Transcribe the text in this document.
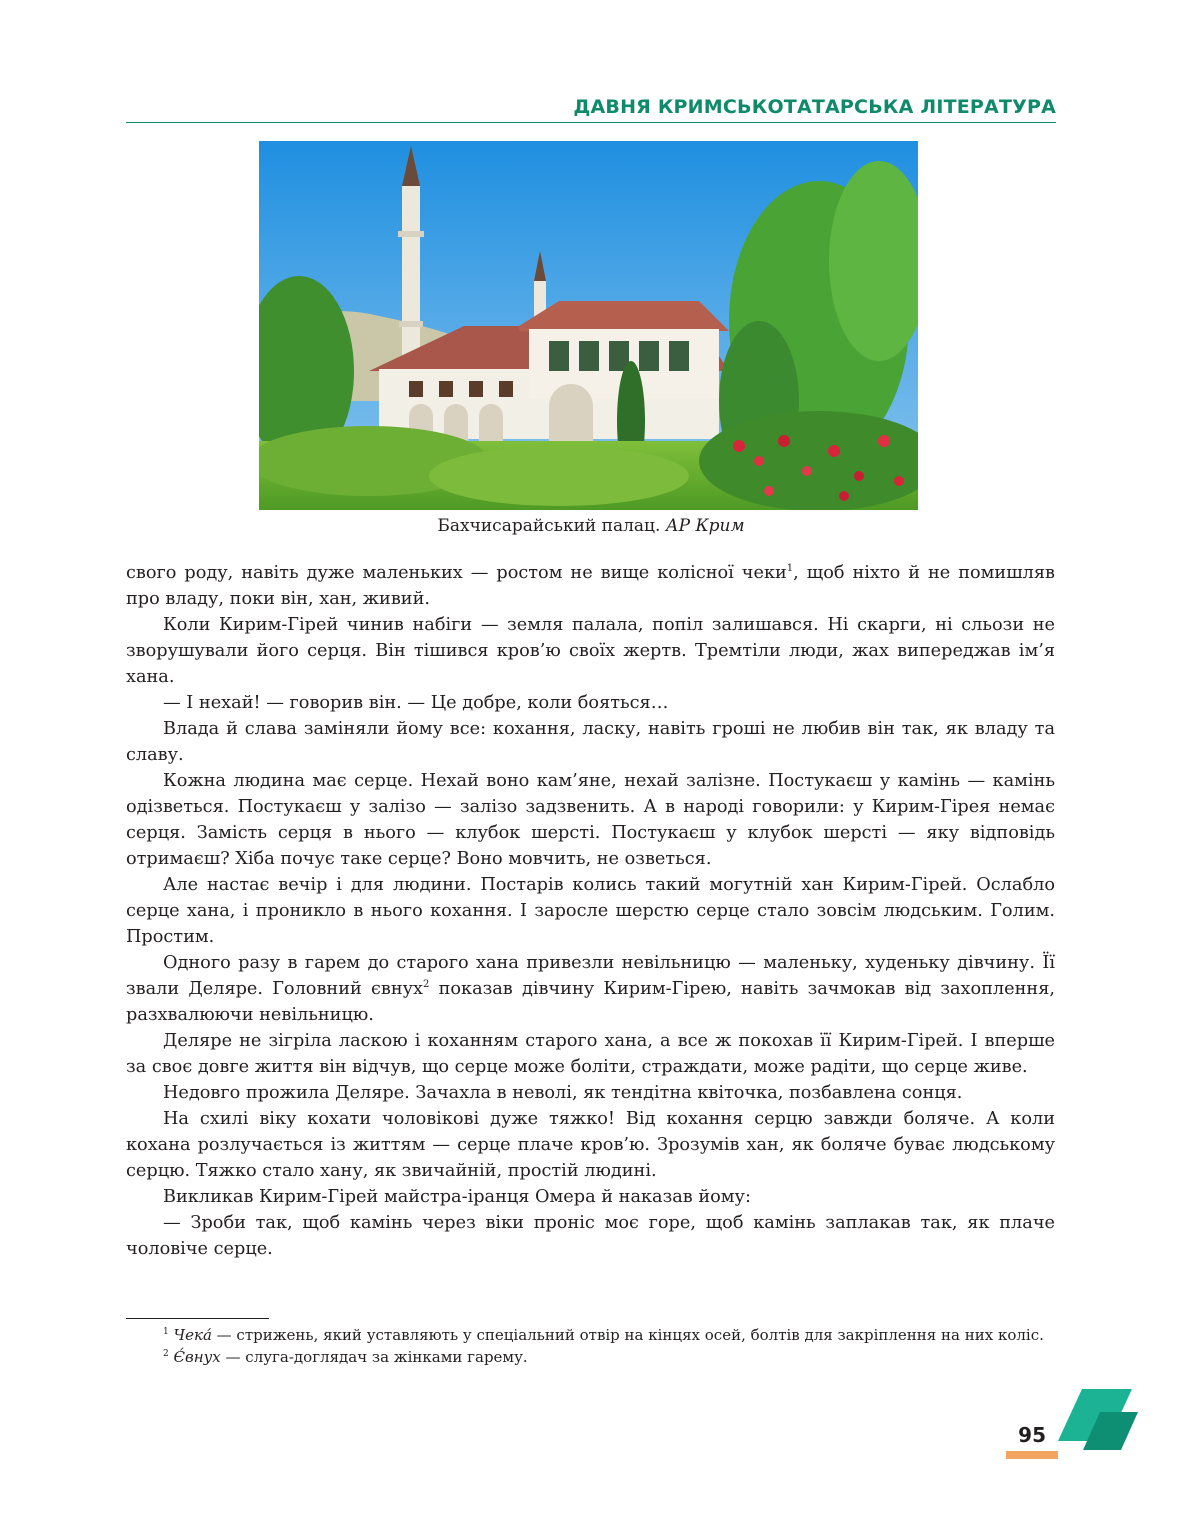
ДАВНЯ КРИМСЬКОТАТАРСЬКА ЛІТЕРАТУРА
Бахчисарайський палац. АР Крим

свого роду, навіть дуже маленьких — ростом не вище колісної чеки$^1$, щоб ніхто й не помишляв про владу, поки він, хан, живий.

Коли Кирим-Гірей чинив набіги — земля палала, попіл залишався. Ні скарги, ні сльози не зворушували його серця. Він тішився кров’ю своїх жертв. Тремтіли люди, жах випереджав ім’я хана.

— І нехай! — говорив він. — Це добре, коли бояться…

Влада й слава заміняли йому все: кохання, ласку, навіть гроші не любив він так, як владу та славу.

Кожна людина має серце. Нехай воно кам’яне, нехай залізне. Постукаєш у камінь — камінь одізветься. Постукаєш у залізо — залізо задзвенить. А в народі говорили: у Кирим-Гірея немає серця. Замість серця в нього — клубок шерсті. Постукаєш у клубок шерсті — яку відповідь отримаєш? Хіба почує таке серце? Воно мовчить, не озветься.

Але настає вечір і для людини. Постарів колись такий могутній хан Кирим-Гірей. Ослабло серце хана, і проникло в нього кохання. І заросле шерстю серце стало зовсім людським. Голим. Простим.

Одного разу в гарем до старого хана привезли невільницю — маленьку, худеньку дівчину. Її звали Деляре. Головний євнух$^2$ показав дівчину Кирим-Гірею, навіть зачмокав від захоплення, разхвалюючи невільницю.

Деляре не зігріла ласкою і коханням старого хана, а все ж покохав її Кирим-Гірей. І вперше за своє довге життя він відчув, що серце може боліти, страждати, може радіти, що серце живе.

Недовго прожила Деляре. Зачахла в неволі, як тендітна квіточка, позбавлена сонця.

На схилі віку кохати чоловікові дуже тяжко! Від кохання серцю завжди боляче. А коли кохана розлучається із життям — серце плаче кров’ю. Зрозумів хан, як боляче буває людському серцю. Тяжко стало хану, як звичайній, простій людині.

Викликав Кирим-Гірей майстра-іранця Омера й наказав йому:

— Зроби так, щоб камінь через віки проніс моє горе, щоб камінь заплакав так, як плаче чоловіче серце.

$^1$ Чека́ — стрижень, який уставляють у спеціальний отвір на кінцях осей, болтів для закріплення на них коліс.

$^2$ Є́внух — слуга-доглядач за жінками гарему.

95
